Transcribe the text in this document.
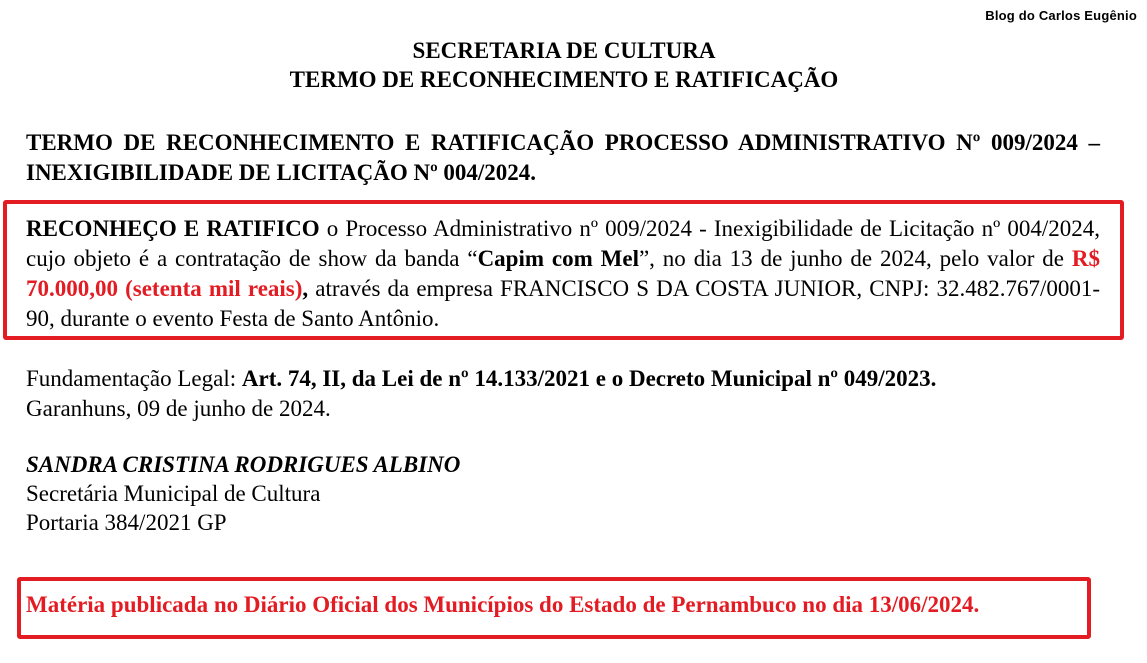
Blog do Carlos Eugênio
SECRETARIA DE CULTURA
TERMO DE RECONHECIMENTO E RATIFICAÇÃO
TERMO DE RECONHECIMENTO E RATIFICAÇÃO PROCESSO ADMINISTRATIVO Nº 009/2024 – INEXIGIBILIDADE DE LICITAÇÃO Nº 004/2024.
RECONHEÇO E RATIFICO o Processo Administrativo nº 009/2024 - Inexigibilidade de Licitação nº 004/2024, cujo objeto é a contratação de show da banda “Capim com Mel”, no dia 13 de junho de 2024, pelo valor de R$ 70.000,00 (setenta mil reais), através da empresa FRANCISCO S DA COSTA JUNIOR, CNPJ: 32.482.767/0001-90, durante o evento Festa de Santo Antônio.
Fundamentação Legal: Art. 74, II, da Lei de nº 14.133/2021 e o Decreto Municipal nº 049/2023.
Garanhuns, 09 de junho de 2024.
SANDRA CRISTINA RODRIGUES ALBINO
Secretária Municipal de Cultura
Portaria 384/2021 GP
Matéria publicada no Diário Oficial dos Municípios do Estado de Pernambuco no dia 13/06/2024.
